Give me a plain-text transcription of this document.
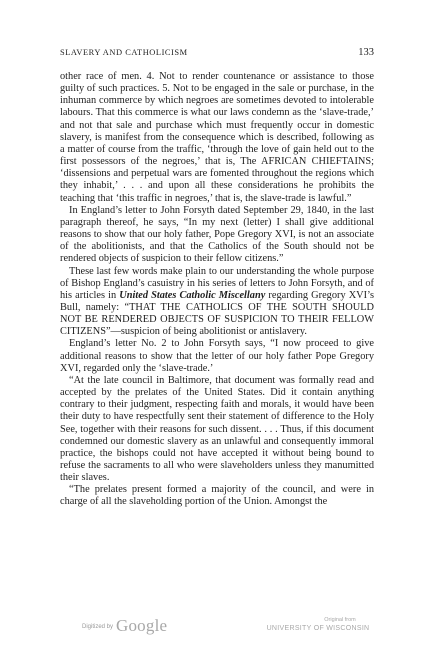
SLAVERY AND CATHOLICISM	133

other race of men. 4. Not to render countenance or assistance to those guilty of such practices. 5. Not to be engaged in the sale or purchase, in the inhuman commerce by which negroes are sometimes devoted to intolerable labours. That this commerce is what our laws condemn as the ‘slave-trade,’ and not that sale and purchase which must frequently occur in domestic slavery, is manifest from the consequence which is described, following as a matter of course from the traffic, ‘through the love of gain held out to the first possessors of the negroes,’ that is, The AFRICAN CHIEFTAINS; ‘dissensions and perpetual wars are fomented throughout the regions which they inhabit,’ . . . and upon all these considerations he prohibits the teaching that ‘this traffic in negroes,’ that is, the slave-trade is lawful.”

In England’s letter to John Forsyth dated September 29, 1840, in the last paragraph thereof, he says, “In my next (letter) I shall give additional reasons to show that our holy father, Pope Gregory XVI, is not an associate of the abolitionists, and that the Catholics of the South should not be rendered objects of suspicion to their fellow citizens.”

These last few words make plain to our understanding the whole purpose of Bishop England’s casuistry in his series of letters to John Forsyth, and of his articles in United States Catholic Miscellany regarding Gregory XVI’s Bull, namely: “THAT THE CATHOLICS OF THE SOUTH SHOULD NOT BE RENDERED OBJECTS OF SUSPICION TO THEIR FELLOW CITIZENS”—suspicion of being abolitionist or antislavery.

England’s letter No. 2 to John Forsyth says, “I now proceed to give additional reasons to show that the letter of our holy father Pope Gregory XVI, regarded only the ‘slave-trade.’

“At the late council in Baltimore, that document was formally read and accepted by the prelates of the United States. Did it contain anything contrary to their judgment, respecting faith and morals, it would have been their duty to have respectfully sent their statement of difference to the Holy See, together with their reasons for such dissent. . . . Thus, if this document condemned our domestic slavery as an unlawful and consequently immoral practice, the bishops could not have accepted it without being bound to refuse the sacraments to all who were slaveholders unless they manumitted their slaves.

“The prelates present formed a majority of the council, and were in charge of all the slaveholding portion of the Union. Amongst the

Digitized by Google	Original from
UNIVERSITY OF WISCONSIN
